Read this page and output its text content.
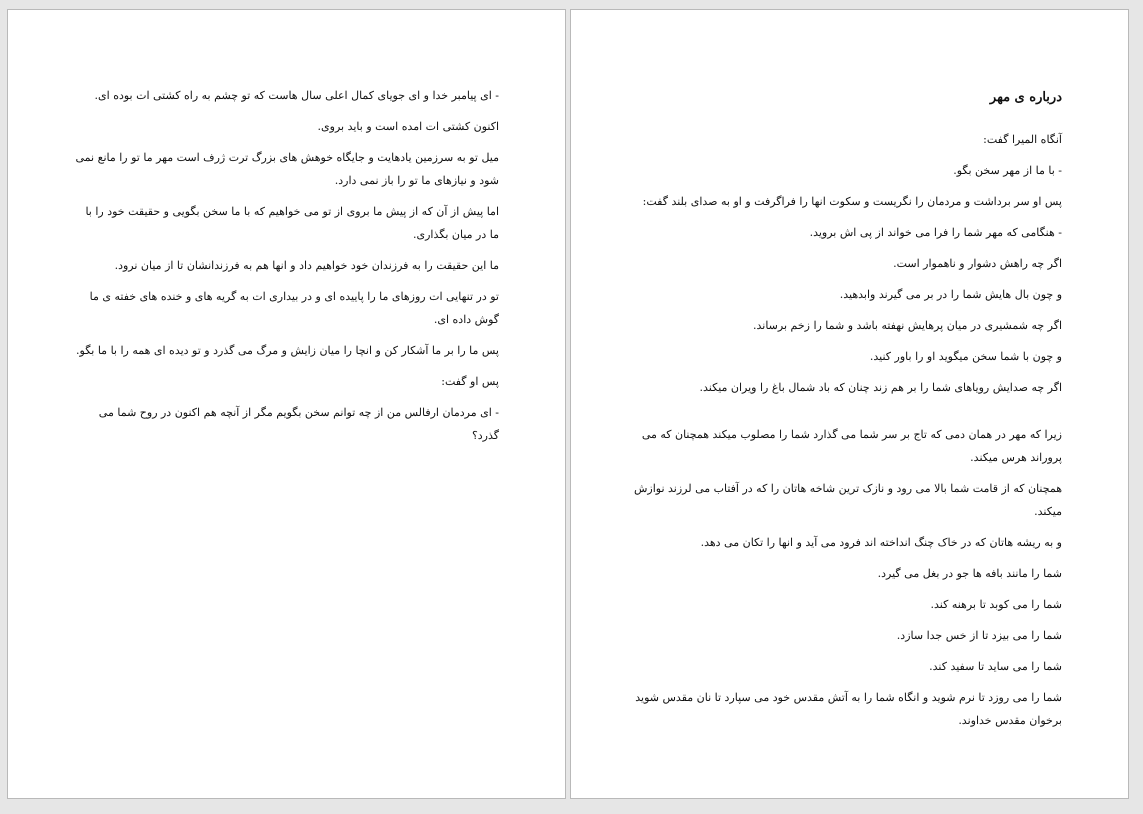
- ای پیامبر خدا و ای جویای کمال اعلی سال هاست که تو چشم به راه کشتی ات بوده ای.

اکنون کشتی ات امده است و باید بروی.

میل تو به سرزمین یادهایت و جایگاه خوهش های بزرگ ترت ژرف است مهر ما تو را مانع نمی شود و نیازهای ما تو را باز نمی دارد.

اما پیش از آن که از پیش ما بروی از تو می خواهیم که با ما سخن بگویی و حقیقت خود را با ما در میان بگذاری.

ما این حقیقت را به فرزندان خود خواهیم داد و انها هم به فرزندانشان تا از میان نرود.

تو در تنهایی ات روزهای ما را پاییده ای و در بیداری ات به گریه های و خنده های خفته ی ما گوش داده ای.

پس ما را بر ما آشکار کن و انچا را میان زایش و مرگ می گذرد و تو دیده ای همه را با ما بگو.

پس او گفت:

- ای مردمان ارفالس من از چه توانم سخن بگویم مگر از آنچه هم اکنون در روح شما می گذرد؟

درباره ی مهر

آنگاه المیرا گفت:

- با ما از مهر سخن بگو.

پس او سر برداشت و مردمان را نگریست و سکوت انها را فراگرفت و او به صدای بلند گفت:

- هنگامی که مهر شما را فرا می خواند از پی اش بروید.

اگر چه راهش دشوار و ناهموار است.

و چون بال هایش شما را در بر می گیرند وابدهید.

اگر چه شمشیری در میان پرهایش نهفته باشد و شما را زخم برساند.

و چون با شما سخن میگوید او را باور کنید.

اگر چه صدایش رویاهای شما را بر هم زند چنان که باد شمال باغ را ویران میکند.

زیرا که مهر در همان دمی که تاج بر سر شما می گذارد شما را مصلوب میکند همچنان که می پروراند هرس میکند.

همچنان که از قامت شما بالا می رود و نازک ترین شاخه هاتان را که در آفتاب می لرزند نوازش میکند.

و به ریشه هاتان که در خاک چنگ انداخته اند فرود می آید و انها را تکان می دهد.

شما را مانند بافه ها جو در بغل می گیرد.

شما را می کوبد تا برهنه کند.

شما را می بیزد تا از خس جدا سازد.

شما را می ساید تا سفید کند.

شما را می روزد تا نرم شوید و انگاه شما را به آتش مقدس خود می سپارد تا نان مقدس شوید برخوان مقدس خداوند.
